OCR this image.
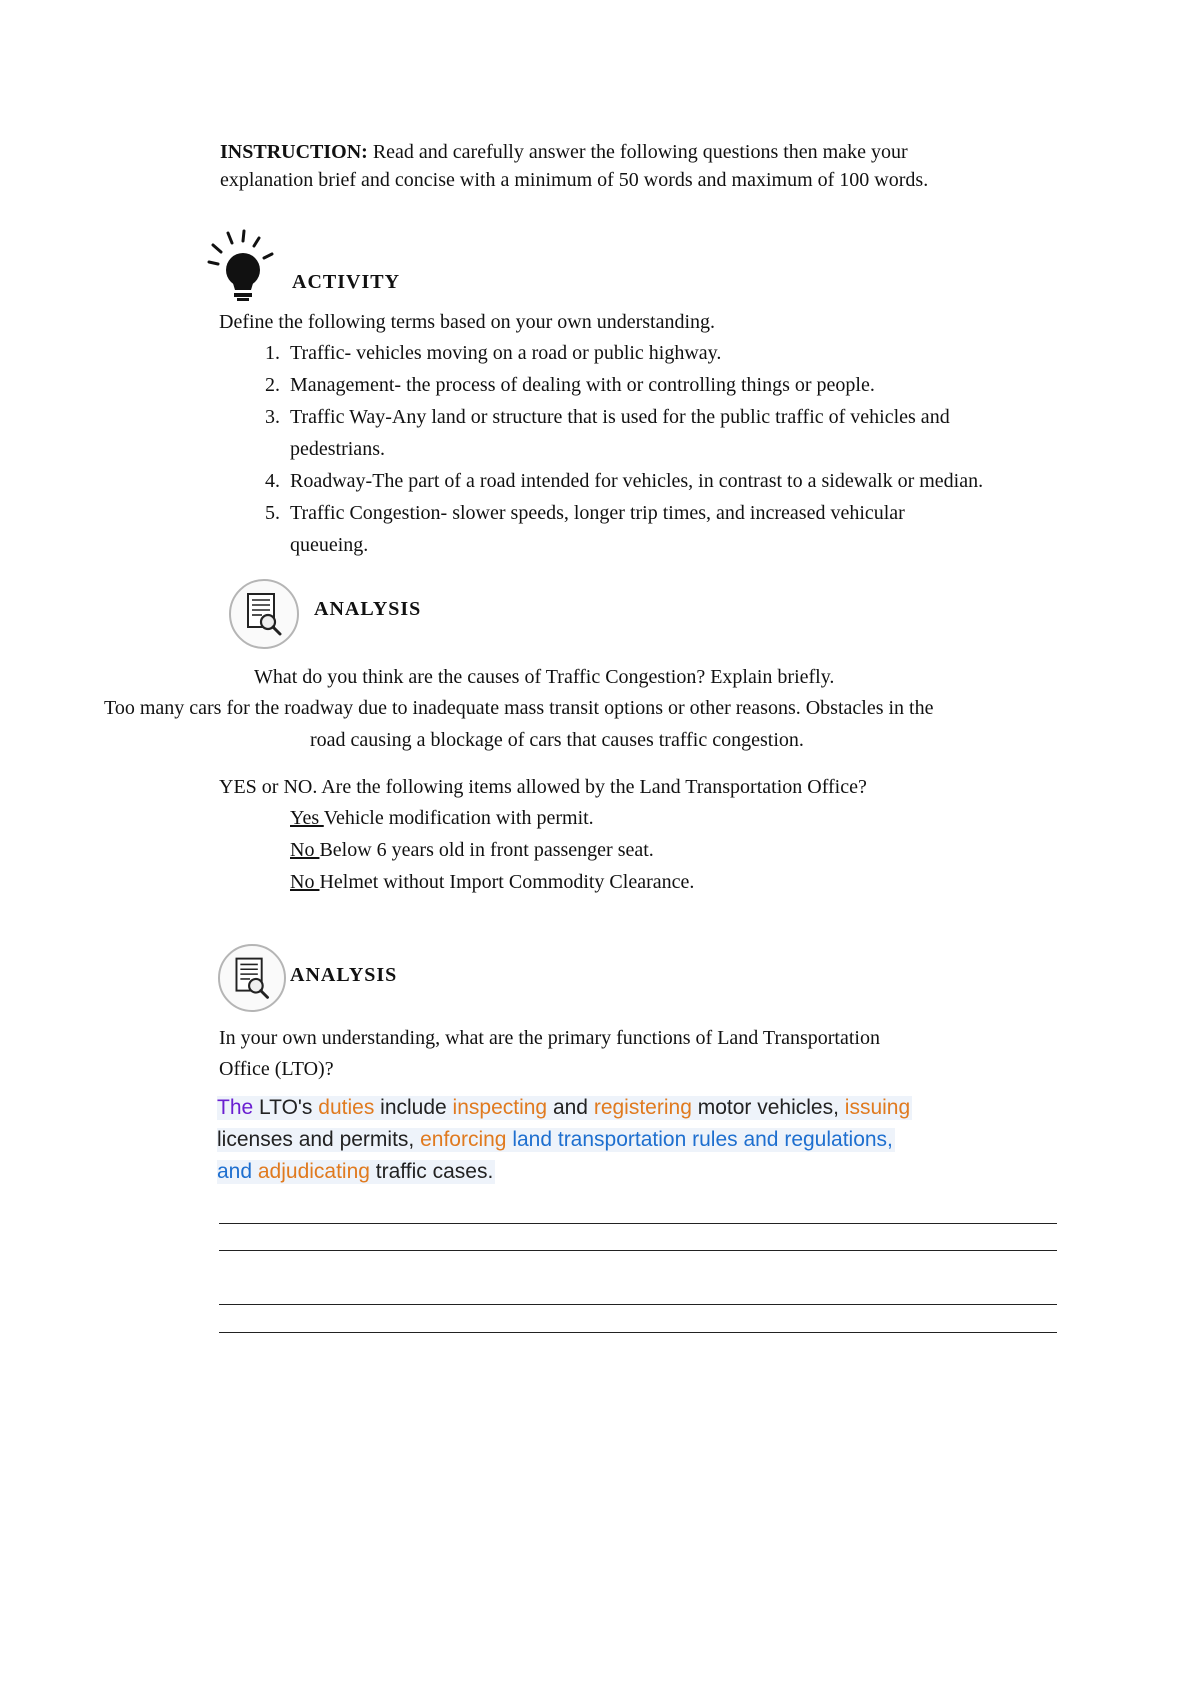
INSTRUCTION: Read and carefully answer the following questions then make your
explanation brief and concise with a minimum of 50 words and maximum of 100 words.
ACTIVITY
Define the following terms based on your own understanding.
1. Traffic- vehicles moving on a road or public highway.
2. Management- the process of dealing with or controlling things or people.
3. Traffic Way-Any land or structure that is used for the public traffic of vehicles and
pedestrians.
4. Roadway-The part of a road intended for vehicles, in contrast to a sidewalk or median.
5. Traffic Congestion- slower speeds, longer trip times, and increased vehicular
queueing.
ANALYSIS
What do you think are the causes of Traffic Congestion? Explain briefly.
Too many cars for the roadway due to inadequate mass transit options or other reasons. Obstacles in the
road causing a blockage of cars that causes traffic congestion.
YES or NO. Are the following items allowed by the Land Transportation Office?
Yes Vehicle modification with permit.
No Below 6 years old in front passenger seat.
No Helmet without Import Commodity Clearance.
ANALYSIS
In your own understanding, what are the primary functions of Land Transportation
Office (LTO)?
The LTO's duties include inspecting and registering motor vehicles, issuing
licenses and permits, enforcing land transportation rules and regulations,
and adjudicating traffic cases.
